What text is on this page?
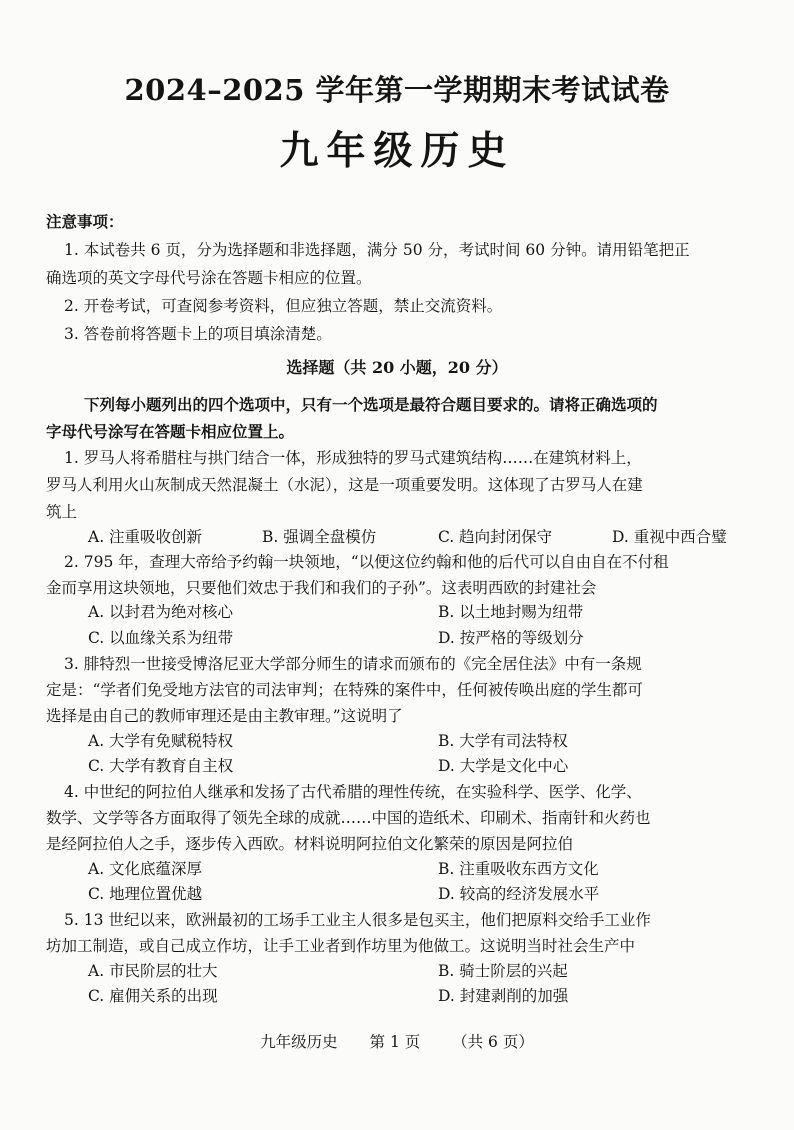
2024–2025 学年第一学期期末考试试卷
九年级历史
注意事项：
1. 本试卷共 6 页，分为选择题和非选择题，满分 50 分，考试时间 60 分钟。请用铅笔把正
确选项的英文字母代号涂在答题卡相应的位置。
2. 开卷考试，可查阅参考资料，但应独立答题，禁止交流资料。
3. 答卷前将答题卡上的项目填涂清楚。
选择题（共 20 小题，20 分）
下列每小题列出的四个选项中，只有一个选项是最符合题目要求的。请将正确选项的
字母代号涂写在答题卡相应位置上。
1. 罗马人将希腊柱与拱门结合一体，形成独特的罗马式建筑结构……在建筑材料上，
罗马人利用火山灰制成天然混凝土（水泥），这是一项重要发明。这体现了古罗马人在建
筑上
A. 注重吸收创新	B. 强调全盘模仿	C. 趋向封闭保守	D. 重视中西合璧
2. 795 年，查理大帝给予约翰一块领地，“以便这位约翰和他的后代可以自由自在不付租
金而享用这块领地，只要他们效忠于我们和我们的子孙”。这表明西欧的封建社会
A. 以封君为绝对核心	B. 以土地封赐为纽带
C. 以血缘关系为纽带	D. 按严格的等级划分
3. 腓特烈一世接受博洛尼亚大学部分师生的请求而颁布的《完全居住法》中有一条规
定是：“学者们免受地方法官的司法审判；在特殊的案件中，任何被传唤出庭的学生都可
选择是由自己的教师审理还是由主教审理。”这说明了
A. 大学有免赋税特权	B. 大学有司法特权
C. 大学有教育自主权	D. 大学是文化中心
4. 中世纪的阿拉伯人继承和发扬了古代希腊的理性传统，在实验科学、医学、化学、
数学、文学等各方面取得了领先全球的成就……中国的造纸术、印刷术、指南针和火药也
是经阿拉伯人之手，逐步传入西欧。材料说明阿拉伯文化繁荣的原因是阿拉伯
A. 文化底蕴深厚	B. 注重吸收东西方文化
C. 地理位置优越	D. 较高的经济发展水平
5. 13 世纪以来，欧洲最初的工场手工业主人很多是包买主，他们把原料交给手工业作
坊加工制造，或自己成立作坊，让手工业者到作坊里为他做工。这说明当时社会生产中
A. 市民阶层的壮大	B. 骑士阶层的兴起
C. 雇佣关系的出现	D. 封建剥削的加强
九年级历史 第 1 页 （共 6 页）
